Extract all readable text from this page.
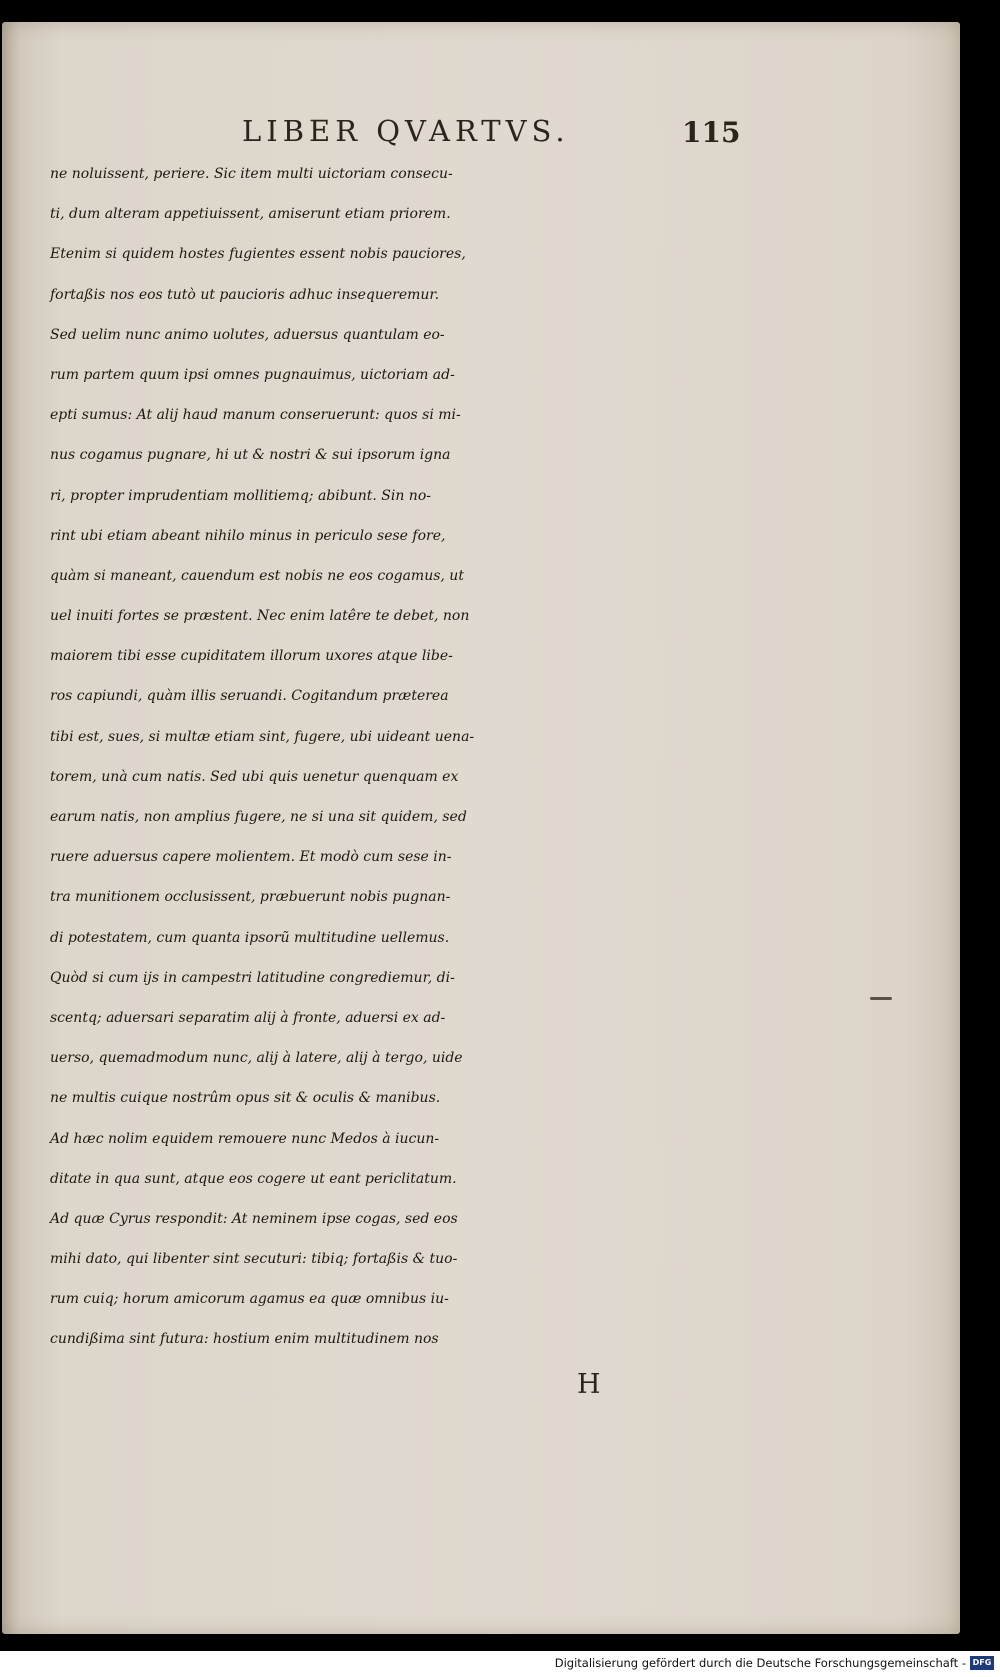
LIBER QVARTVS.	115
ne noluissent, periere. Sic item multi uictoriam consecu-
ti, dum alteram appetiuissent, amiserunt etiam priorem.
Etenim si quidem hostes fugientes essent nobis pauciores,
fortaßis nos eos tutò ut paucioris adhuc insequeremur.
Sed uelim nunc animo uolutes, aduersus quantulam eo-
rum partem quum ipsi omnes pugnauimus, uictoriam ad-
epti sumus: At alij haud manum conseruerunt: quos si mi-
nus cogamus pugnare, hi ut & nostri & sui ipsorum igna
ri, propter imprudentiam mollitiemq; abibunt. Sin no-
rint ubi etiam abeant nihilo minus in periculo sese fore,
quàm si maneant, cauendum est nobis ne eos cogamus, ut
uel inuiti fortes se præstent. Nec enim latêre te debet, non
maiorem tibi esse cupiditatem illorum uxores atque libe-
ros capiundi, quàm illis seruandi. Cogitandum præterea
tibi est, sues, si multæ etiam sint, fugere, ubi uideant uena-
torem, unà cum natis. Sed ubi quis uenetur quenquam ex
earum natis, non amplius fugere, ne si una sit quidem, sed
ruere aduersus capere molientem. Et modò cum sese in-
tra munitionem occlusissent, præbuerunt nobis pugnan-
di potestatem, cum quanta ipsorũ multitudine uellemus.
Quòd si cum ijs in campestri latitudine congrediemur, di-
scentq; aduersari separatim alij à fronte, aduersi ex ad-
uerso, quemadmodum nunc, alij à latere, alij à tergo, uide
ne multis cuique nostrûm opus sit & oculis & manibus.
Ad hæc nolim equidem remouere nunc Medos à iucun-
ditate in qua sunt, atque eos cogere ut eant periclitatum.
Ad quæ Cyrus respondit: At neminem ipse cogas, sed eos
mihi dato, qui libenter sint secuturi: tibiq; fortaßis & tuo-
rum cuiq; horum amicorum agamus ea quæ omnibus iu-
cundißima sint futura: hostium enim multitudinem nos
H
Digitalisierung gefördert durch die Deutsche Forschungsgemeinschaft - DFG
